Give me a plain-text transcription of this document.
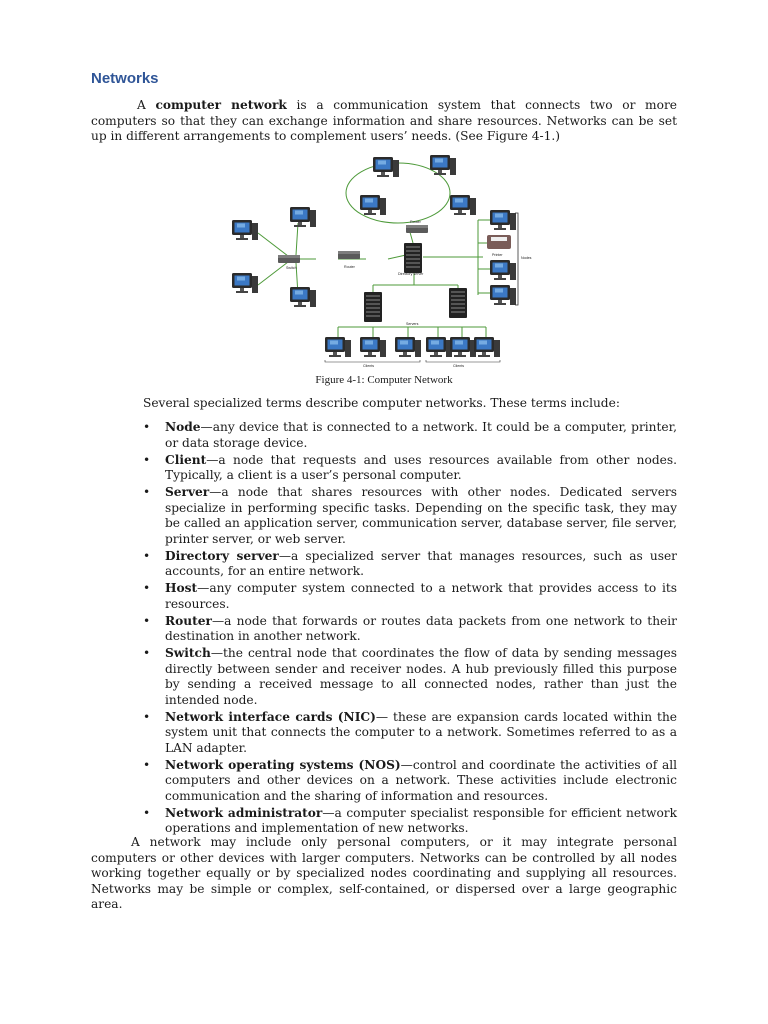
Networks

A computer network is a communication system that connects two or more computers so that they can exchange information and share resources. Networks can be set up in different arrangements to complement users’ needs. (See Figure 4-1.)

Router
Switch	Router
Directory server
Printer
Nodes
Servers
Clients	Clients
Figure 4-1: Computer Network
Several specialized terms describe computer networks. These terms include:
• Node—any device that is connected to a network. It could be a computer, printer, or data storage device.
• Client—a node that requests and uses resources available from other nodes. Typically, a client is a user’s personal computer.
• Server—a node that shares resources with other nodes. Dedicated servers specialize in performing specific tasks. Depending on the specific task, they may be called an application server, communication server, database server, file server, printer server, or web server.
• Directory server—a specialized server that manages resources, such as user accounts, for an entire network.
• Host—any computer system connected to a network that provides access to its resources.
• Router—a node that forwards or routes data packets from one network to their destination in another network.
• Switch—the central node that coordinates the flow of data by sending messages directly between sender and receiver nodes. A hub previously filled this purpose by sending a received message to all connected nodes, rather than just the intended node.
• Network interface cards (NIC)— these are expansion cards located within the system unit that connects the computer to a network. Sometimes referred to as a LAN adapter.
• Network operating systems (NOS)—control and coordinate the activities of all computers and other devices on a network. These activities include electronic communication and the sharing of information and resources.
• Network administrator—a computer specialist responsible for efficient network operations and implementation of new networks.

A network may include only personal computers, or it may integrate personal computers or other devices with larger computers. Networks can be controlled by all nodes working together equally or by specialized nodes coordinating and supplying all resources. Networks may be simple or complex, self-contained, or dispersed over a large geographic area.
